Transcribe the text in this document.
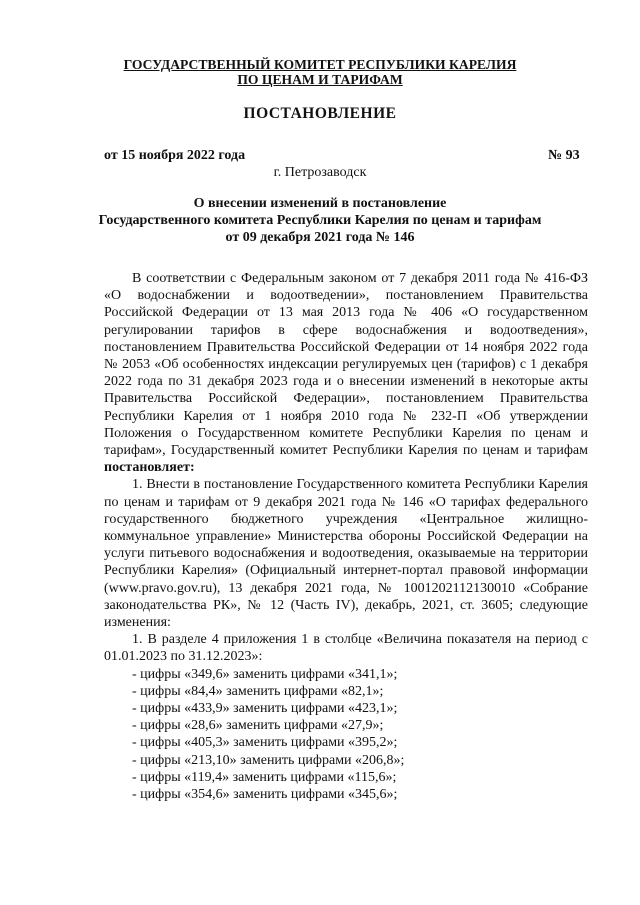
ГОСУДАРСТВЕННЫЙ КОМИТЕТ РЕСПУБЛИКИ КАРЕЛИЯ
ПО ЦЕНАМ И ТАРИФАМ
ПОСТАНОВЛЕНИЕ
от 15 ноября 2022 года	№ 93
г. Петрозаводск
О внесении изменений в постановление
Государственного комитета Республики Карелия по ценам и тарифам
от 09 декабря 2021 года № 146

В соответствии с Федеральным законом от 7 декабря 2011 года № 416-ФЗ «О водоснабжении и водоотведении», постановлением Правительства Российской Федерации от 13 мая 2013 года № 406 «О государственном регулировании тарифов в сфере водоснабжения и водоотведения», постановлением Правительства Российской Федерации от 14 ноября 2022 года № 2053 «Об особенностях индексации регулируемых цен (тарифов) с 1 декабря 2022 года по 31 декабря 2023 года и о внесении изменений в некоторые акты Правительства Российской Федерации», постановлением Правительства Республики Карелия от 1 ноября 2010 года № 232-П «Об утверждении Положения о Государственном комитете Республики Карелия по ценам и тарифам», Государственный комитет Республики Карелия по ценам и тарифам постановляет:

1. Внести в постановление Государственного комитета Республики Карелия по ценам и тарифам от 9 декабря 2021 года № 146 «О тарифах федерального государственного бюджетного учреждения «Центральное жилищно-коммунальное управление» Министерства обороны Российской Федерации на услуги питьевого водоснабжения и водоотведения, оказываемые на территории Республики Карелия» (Официальный интернет-портал правовой информации (www.pravo.gov.ru), 13 декабря 2021 года, № 1001202112130010 «Собрание законодательства РК», № 12 (Часть IV), декабрь, 2021, ст. 3605; следующие изменения:

1. В разделе 4 приложения 1 в столбце «Величина показателя на период с 01.01.2023 по 31.12.2023»:

- цифры «349,6» заменить цифрами «341,1»;
- цифры «84,4» заменить цифрами «82,1»;
- цифры «433,9» заменить цифрами «423,1»;
- цифры «28,6» заменить цифрами «27,9»;
- цифры «405,3» заменить цифрами «395,2»;
- цифры «213,10» заменить цифрами «206,8»;
- цифры «119,4» заменить цифрами «115,6»;
- цифры «354,6» заменить цифрами «345,6»;
